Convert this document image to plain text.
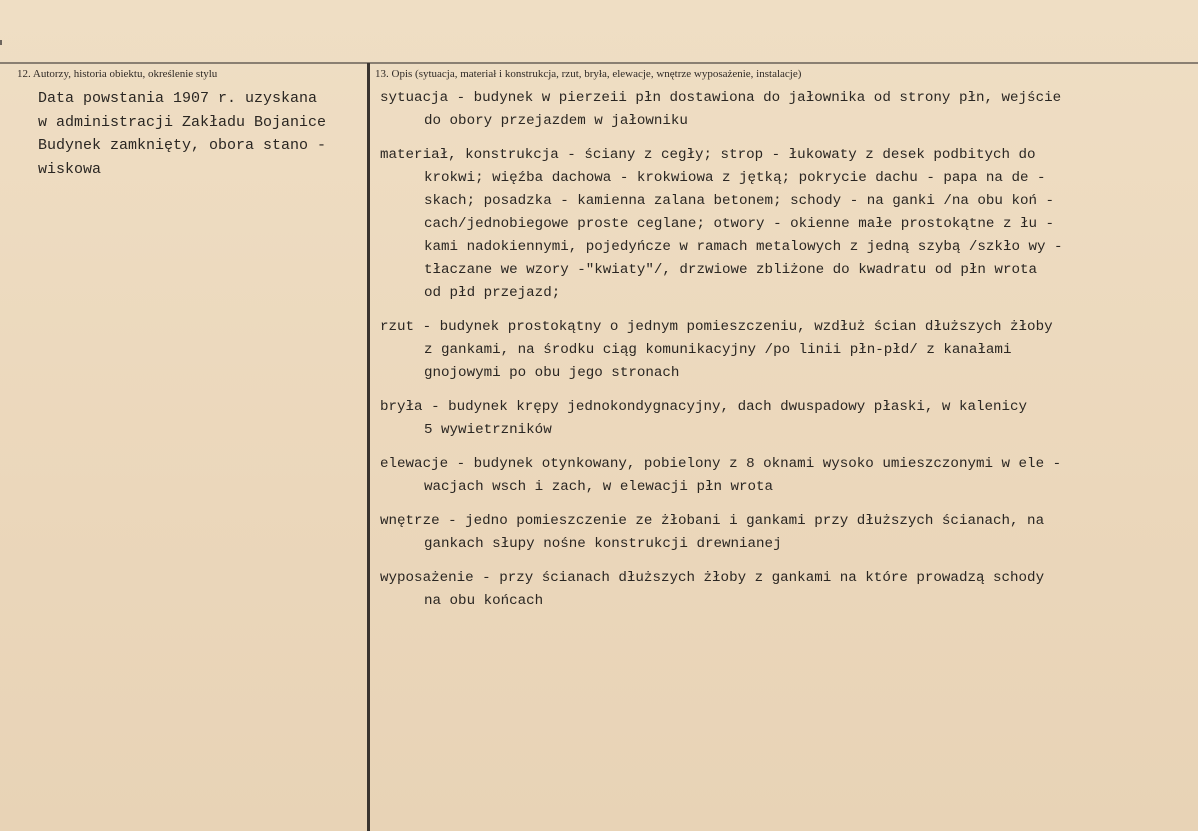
12. Autorzy, historia obiektu, określenie stylu	13. Opis (sytuacja, materiał i konstrukcja, rzut, bryła, elewacje, wnętrze wyposażenie, instalacje)
Data powstania 1907 r. uzyskana
w administracji Zakładu Bojanice
Budynek zamknięty, obora stano -
wiskowa
sytuacja - budynek w pierzeii płn dostawiona do jałownika od strony płn, wejście
do obory przejazdem w jałowniku
materiał, konstrukcja - ściany z cegły; strop - łukowaty z desek podbitych do
krokwi; więźba dachowa - krokwiowa z jętką; pokrycie dachu - papa na de -
skach; posadzka - kamienna zalana betonem; schody - na ganki /na obu koń -
cach/jednobiegowe proste ceglane; otwory - okienne małe prostokątne z łu -
kami nadokiennymi, pojedyńcze w ramach metalowych z jedną szybą /szkło wy -
tłaczane we wzory -"kwiaty"/, drzwiowe zbliżone do kwadratu od płn wrota
od płd przejazd;
rzut - budynek prostokątny o jednym pomieszczeniu, wzdłuż ścian dłuższych żłoby
z gankami, na środku ciąg komunikacyjny /po linii płn-płd/ z kanałami
gnojowymi po obu jego stronach
bryła - budynek krępy jednokondygnacyjny, dach dwuspadowy płaski, w kalenicy
5 wywietrzników
elewacje - budynek otynkowany, pobielony z 8 oknami wysoko umieszczonymi w ele -
wacjach wsch i zach, w elewacji płn wrota
wnętrze - jedno pomieszczenie ze żłobani i gankami przy dłuższych ścianach, na
gankach słupy nośne konstrukcji drewnianej
wyposażenie - przy ścianach dłuższych żłoby z gankami na które prowadzą schody
na obu końcach
